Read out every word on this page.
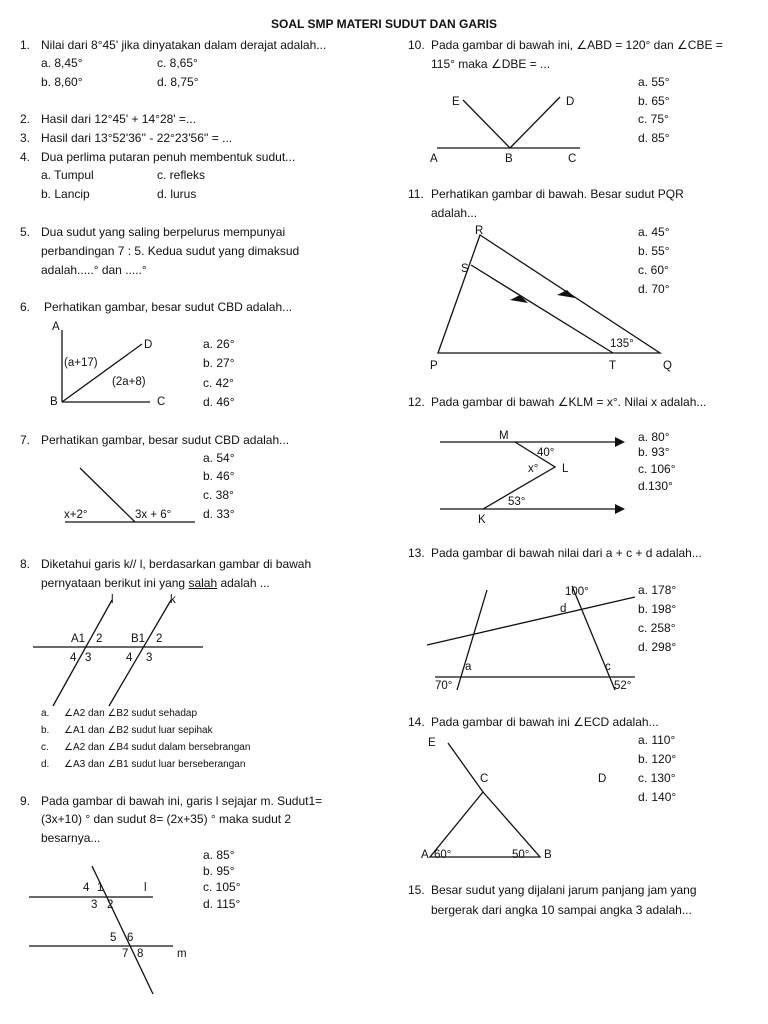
SOAL SMP MATERI SUDUT DAN GARIS
1. Nilai dari 8°45' jika dinyatakan dalam derajat adalah...
a. 8,45°	c. 8,65°
b. 8,60°	d. 8,75°
2. Hasil dari 12°45' + 14°28' =...
3. Hasil dari 13°52'36'' - 22°23'56'' = ...
4. Dua perlima putaran penuh membentuk sudut...
a. Tumpul	c. refleks
b. Lancip	d. lurus
5. Dua sudut yang saling berpelurus mempunyai
perbandingan 7 : 5. Kedua sudut yang dimaksud
adalah.....° dan .....°
6. Perhatikan gambar, besar sudut CBD adalah...
A
D
B	C
(a+17)
(2a+8)
a. 26°
b. 27°
c. 42°
d. 46°
7. Perhatikan gambar, besar sudut CBD adalah...
x+2°	3x + 6°
a. 54°
b. 46°
c. 38°
d. 33°
8. Diketahui garis k// l, berdasarkan gambar di bawah
pernyataan berikut ini yang salah adalah ...
l	k
A1 2 B1 2
4 3	4 3
a. ∠A2 dan ∠B2 sudut sehadap
b. ∠A1 dan ∠B2 sudut luar sepihak
c. ∠A2 dan ∠B4 sudut dalam bersebrangan
d. ∠A3 dan ∠B1 sudut luar berseberangan
9. Pada gambar di bawah ini, garis l sejajar m. Sudut1=
(3x+10) ° dan sudut 8= (2x+35) ° maka sudut 2
besarnya...
4 1	l
3 2
5 6
7 8	m
a. 85°
b. 95°
c. 105°
d. 115°
10. Pada gambar di bawah ini, ∠ABD = 120° dan ∠CBE =
115° maka ∠DBE = ...
E	D
A	B	C
a. 55°
b. 65°
c. 75°
d. 85°
11. Perhatikan gambar di bawah. Besar sudut PQR
adalah...
R
S
P	T	Q
135°
a. 45°
b. 55°
c. 60°
d. 70°
12. Pada gambar di bawah ∠KLM = x°. Nilai x adalah...
M
L
K
40°
x°
53°
a. 80°
b. 93°
c. 106°
d.130°
13. Pada gambar di bawah nilai dari a + c + d adalah...
100°
d
a	c
70°	52°
a. 178°
b. 198°
c. 258°
d. 298°
14. Pada gambar di bawah ini ∠ECD adalah...
E
C	D
A	B
60°	50°
a. 110°
b. 120°
c. 130°
d. 140°
15. Besar sudut yang dijalani jarum panjang jam yang
bergerak dari angka 10 sampai angka 3 adalah...
